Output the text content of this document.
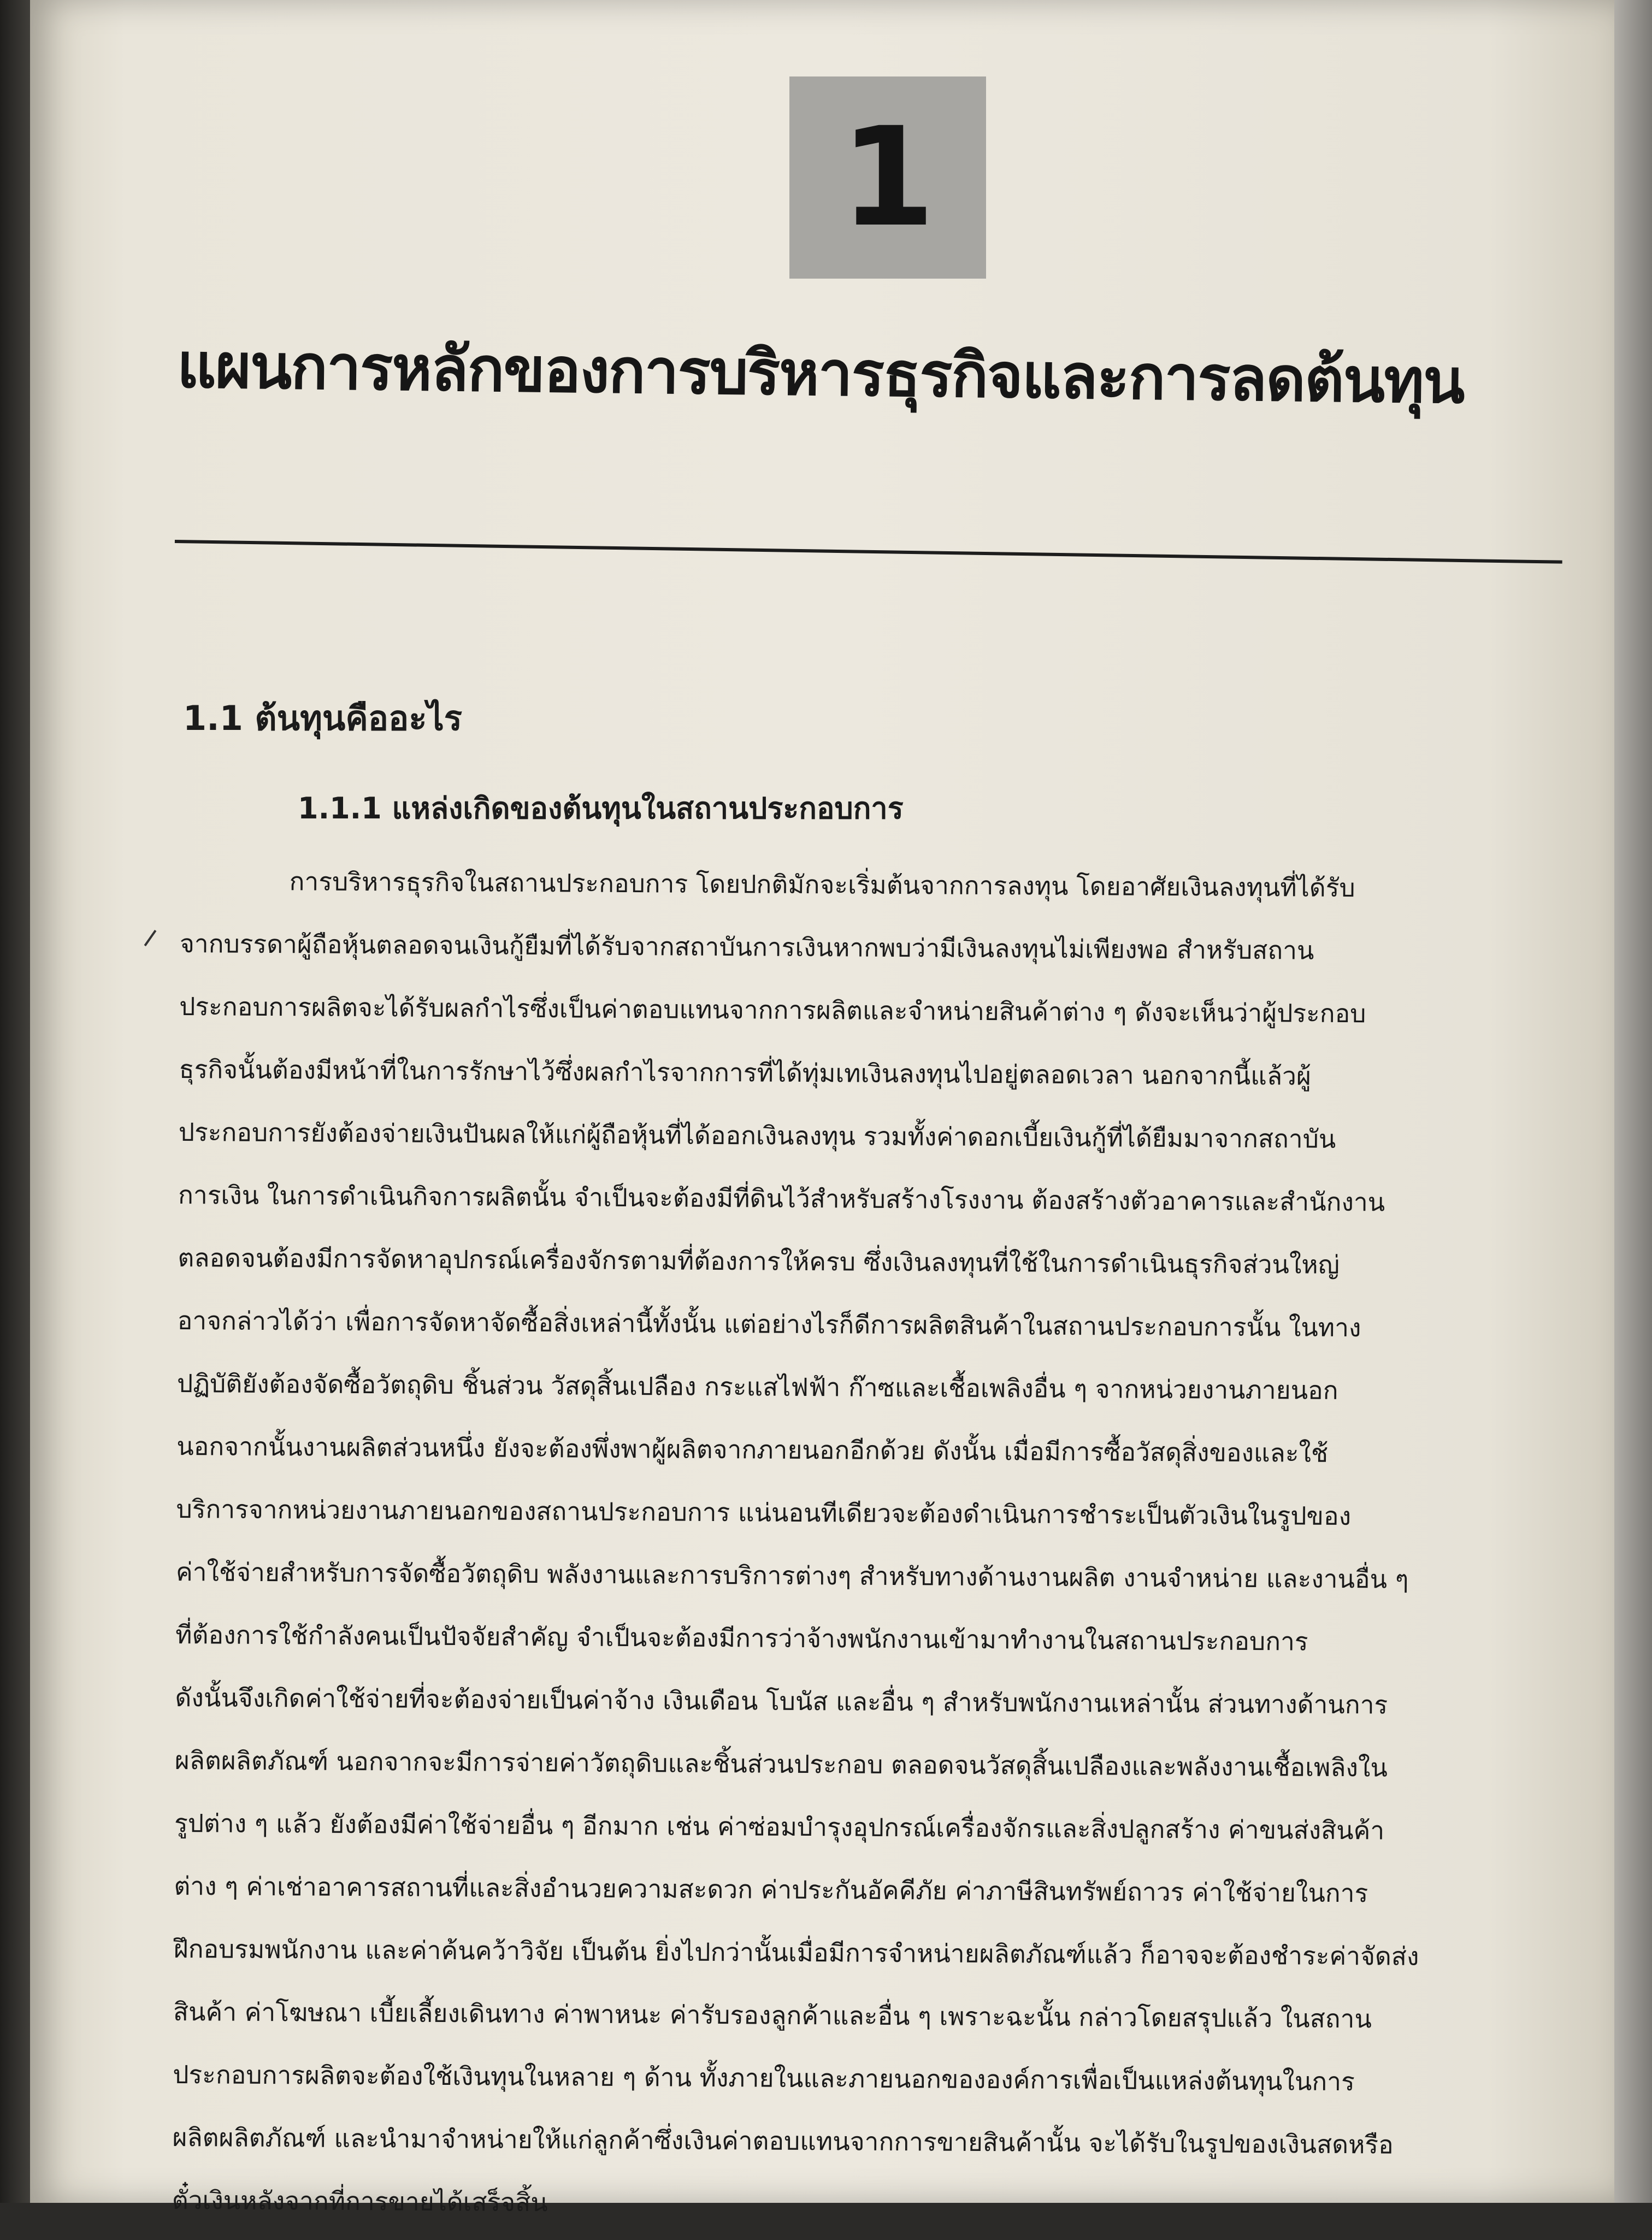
1
แผนการหลักของการบริหารธุรกิจและการลดต้นทุน
1.1 ต้นทุนคืออะไร
1.1.1 แหล่งเกิดของต้นทุนในสถานประกอบการ
การบริหารธุรกิจในสถานประกอบการ โดยปกติมักจะเริ่มต้นจากการลงทุน โดยอาศัยเงินลงทุนที่ได้รับ
จากบรรดาผู้ถือหุ้นตลอดจนเงินกู้ยืมที่ได้รับจากสถาบันการเงินหากพบว่ามีเงินลงทุนไม่เพียงพอ สำหรับสถาน
ประกอบการผลิตจะได้รับผลกำไรซึ่งเป็นค่าตอบแทนจากการผลิตและจำหน่ายสินค้าต่าง ๆ ดังจะเห็นว่าผู้ประกอบ
ธุรกิจนั้นต้องมีหน้าที่ในการรักษาไว้ซึ่งผลกำไรจากการที่ได้ทุ่มเทเงินลงทุนไปอยู่ตลอดเวลา นอกจากนี้แล้วผู้
ประกอบการยังต้องจ่ายเงินปันผลให้แก่ผู้ถือหุ้นที่ได้ออกเงินลงทุน รวมทั้งค่าดอกเบี้ยเงินกู้ที่ได้ยืมมาจากสถาบัน
การเงิน ในการดำเนินกิจการผลิตนั้น จำเป็นจะต้องมีที่ดินไว้สำหรับสร้างโรงงาน ต้องสร้างตัวอาคารและสำนักงาน
ตลอดจนต้องมีการจัดหาอุปกรณ์เครื่องจักรตามที่ต้องการให้ครบ ซึ่งเงินลงทุนที่ใช้ในการดำเนินธุรกิจส่วนใหญ่
อาจกล่าวได้ว่า เพื่อการจัดหาจัดซื้อสิ่งเหล่านี้ทั้งนั้น แต่อย่างไรก็ดีการผลิตสินค้าในสถานประกอบการนั้น ในทาง
ปฏิบัติยังต้องจัดซื้อวัตถุดิบ ชิ้นส่วน วัสดุสิ้นเปลือง กระแสไฟฟ้า ก๊าซและเชื้อเพลิงอื่น ๆ จากหน่วยงานภายนอก
นอกจากนั้นงานผลิตส่วนหนึ่ง ยังจะต้องพึ่งพาผู้ผลิตจากภายนอกอีกด้วย ดังนั้น เมื่อมีการซื้อวัสดุสิ่งของและใช้
บริการจากหน่วยงานภายนอกของสถานประกอบการ แน่นอนทีเดียวจะต้องดำเนินการชำระเป็นตัวเงินในรูปของ
ค่าใช้จ่ายสำหรับการจัดซื้อวัตถุดิบ พลังงานและการบริการต่างๆ สำหรับทางด้านงานผลิต งานจำหน่าย และงานอื่น ๆ
ที่ต้องการใช้กำลังคนเป็นปัจจัยสำคัญ จำเป็นจะต้องมีการว่าจ้างพนักงานเข้ามาทำงานในสถานประกอบการ
ดังนั้นจึงเกิดค่าใช้จ่ายที่จะต้องจ่ายเป็นค่าจ้าง เงินเดือน โบนัส และอื่น ๆ สำหรับพนักงานเหล่านั้น ส่วนทางด้านการ
ผลิตผลิตภัณฑ์ นอกจากจะมีการจ่ายค่าวัตถุดิบและชิ้นส่วนประกอบ ตลอดจนวัสดุสิ้นเปลืองและพลังงานเชื้อเพลิงใน
รูปต่าง ๆ แล้ว ยังต้องมีค่าใช้จ่ายอื่น ๆ อีกมาก เช่น ค่าซ่อมบำรุงอุปกรณ์เครื่องจักรและสิ่งปลูกสร้าง ค่าขนส่งสินค้า
ต่าง ๆ ค่าเช่าอาคารสถานที่และสิ่งอำนวยความสะดวก ค่าประกันอัคคีภัย ค่าภาษีสินทรัพย์ถาวร ค่าใช้จ่ายในการ
ฝึกอบรมพนักงาน และค่าค้นคว้าวิจัย เป็นต้น ยิ่งไปกว่านั้นเมื่อมีการจำหน่ายผลิตภัณฑ์แล้ว ก็อาจจะต้องชำระค่าจัดส่ง
สินค้า ค่าโฆษณา เบี้ยเลี้ยงเดินทาง ค่าพาหนะ ค่ารับรองลูกค้าและอื่น ๆ เพราะฉะนั้น กล่าวโดยสรุปแล้ว ในสถาน
ประกอบการผลิตจะต้องใช้เงินทุนในหลาย ๆ ด้าน ทั้งภายในและภายนอกขององค์การเพื่อเป็นแหล่งต้นทุนในการ
ผลิตผลิตภัณฑ์ และนำมาจำหน่ายให้แก่ลูกค้าซึ่งเงินค่าตอบแทนจากการขายสินค้านั้น จะได้รับในรูปของเงินสดหรือ
ตั๋วเงินหลังจากที่การขายได้เสร็จสิ้น
